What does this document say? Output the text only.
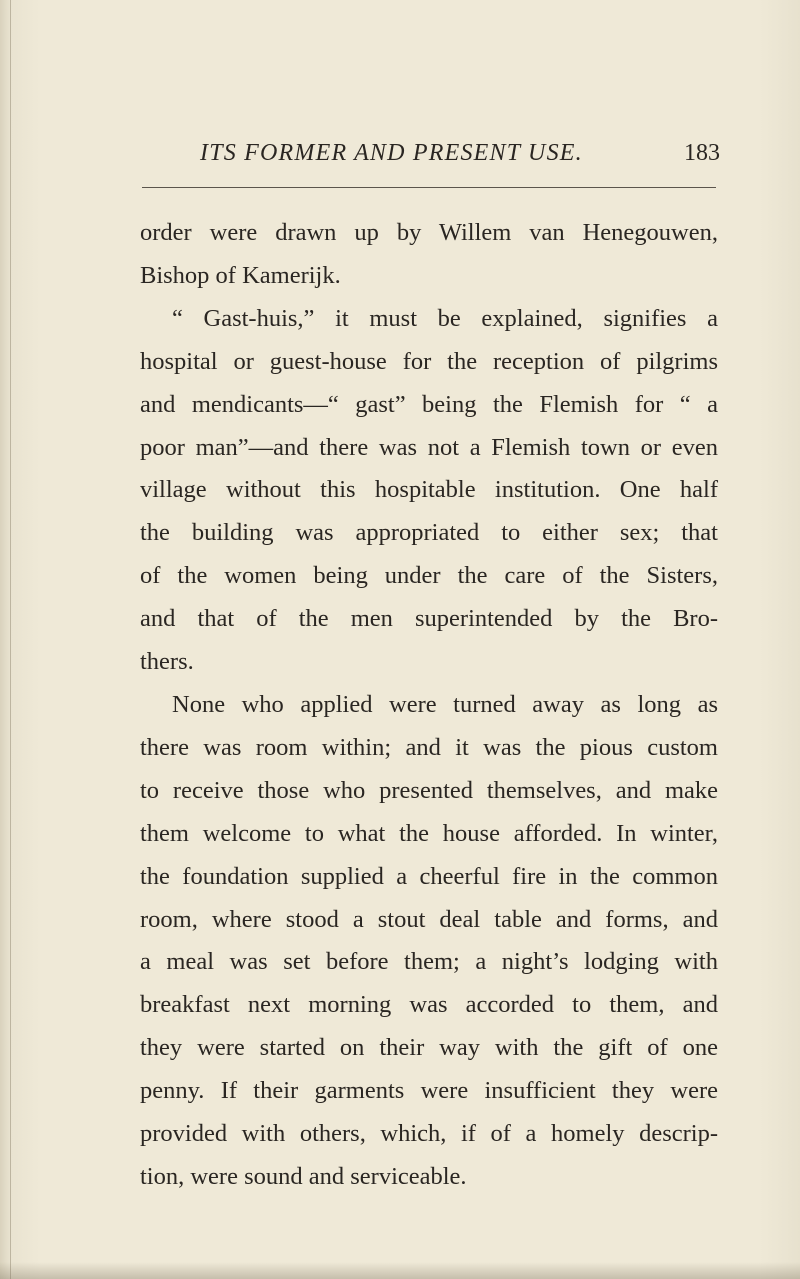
ITS FORMER AND PRESENT USE.	183
order were drawn up by Willem van Henegouwen,
Bishop of Kamerijk.
“ Gast-huis,” it must be explained, signifies a
hospital or guest-house for the reception of pilgrims
and mendicants—“ gast” being the Flemish for “ a
poor man”—and there was not a Flemish town or even
village without this hospitable institution. One half
the building was appropriated to either sex; that
of the women being under the care of the Sisters,
and that of the men superintended by the Bro-
thers.
None who applied were turned away as long as
there was room within; and it was the pious custom
to receive those who presented themselves, and make
them welcome to what the house afforded. In winter,
the foundation supplied a cheerful fire in the common
room, where stood a stout deal table and forms, and
a meal was set before them; a night’s lodging with
breakfast next morning was accorded to them, and
they were started on their way with the gift of one
penny. If their garments were insufficient they were
provided with others, which, if of a homely descrip-
tion, were sound and serviceable.
